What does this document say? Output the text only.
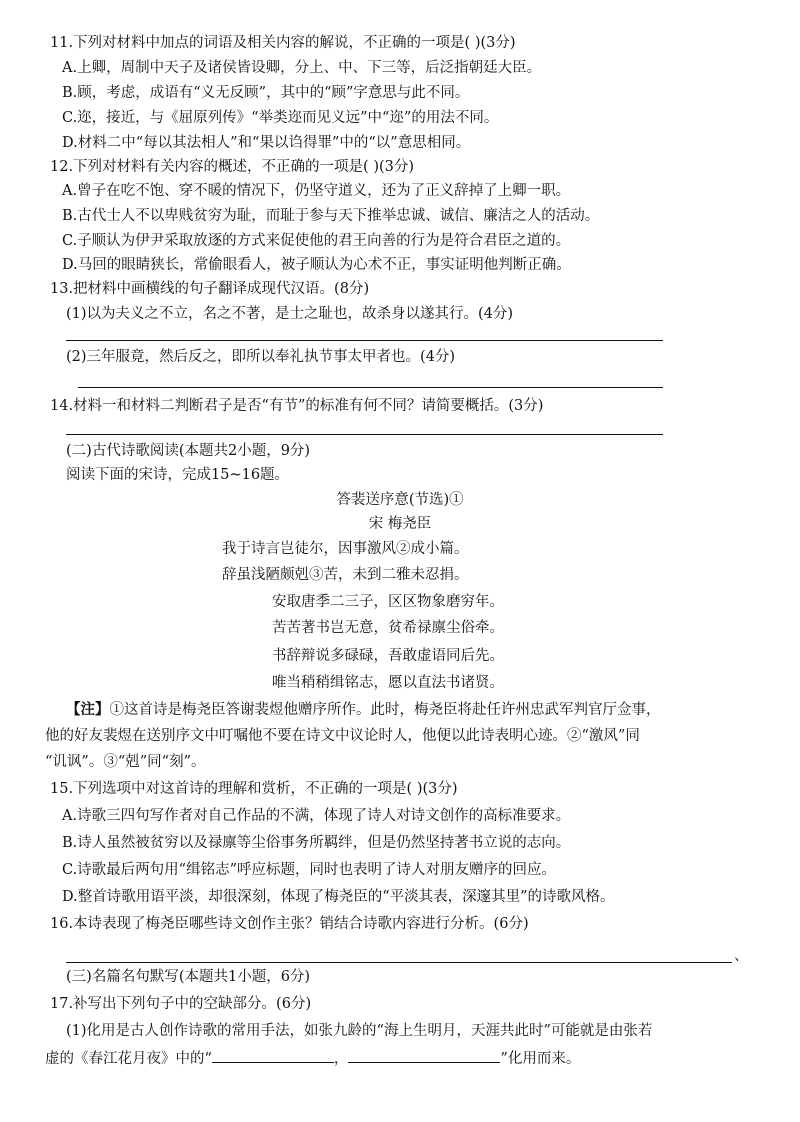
11.下列对材料中加点的词语及相关内容的解说，不正确的一项是( )(3分)
A.上卿，周制中天子及诸侯皆设卿，分上、中、下三等，后泛指朝廷大臣。
B.顾，考虑，成语有“义无反顾”，其中的“顾”字意思与此不同。
C.迩，接近，与《屈原列传》“举类迩而见义远”中“迩”的用法不同。
D.材料二中“每以其法相人”和“果以诌得罪”中的“以”意思相同。
12.下列对材料有关内容的概述，不正确的一项是( )(3分)
A.曾子在吃不饱、穿不暖的情况下，仍坚守道义，还为了正义辞掉了上卿一职。
B.古代士人不以卑贱贫穷为耻，而耻于参与天下推举忠诚、诚信、廉洁之人的活动。
C.子顺认为伊尹采取放逐的方式来促使他的君王向善的行为是符合君臣之道的。
D.马回的眼睛狭长，常偷眼看人，被子顺认为心术不正，事实证明他判断正确。
13.把材料中画横线的句子翻译成现代汉语。(8分)
(1)以为夫义之不立，名之不著，是士之耻也，故杀身以遂其行。(4分)
(2)三年服竟，然后反之，即所以奉礼执节事太甲者也。(4分)
14.材料一和材料二判断君子是否“有节”的标准有何不同？请简要概括。(3分)
(二)古代诗歌阅读(本题共2小题，9分)
阅读下面的宋诗，完成15~16题。
答裴送序意(节选)①
宋 梅尧臣
我于诗言岂徒尔，因事激风②成小篇。
辞虽浅陋颇剋③苦，未到二雅未忍捐。
安取唐季二三子，区区物象磨穷年。
苦苦著书岂无意，贫希禄廪尘俗牵。
书辞辩说多碌碌，吾敢虚语同后先。
唯当稍稍缉铭志，愿以直法书诸贤。
【注】①这首诗是梅尧臣答谢裴煜他赠序所作。此时，梅尧臣将赴任许州忠武军判官厅佥事，
他的好友裴煜在送别序文中叮嘱他不要在诗文中议论时人，他便以此诗表明心迹。②“激风”同
“讥讽”。③“剋”同“刻”。
15.下列选项中对这首诗的理解和赏析，不正确的一项是( )(3分)
A.诗歌三四句写作者对自己作品的不满，体现了诗人对诗文创作的高标准要求。
B.诗人虽然被贫穷以及禄廪等尘俗事务所羁绊，但是仍然坚持著书立说的志向。
C.诗歌最后两句用“缉铭志”呼应标题，同时也表明了诗人对朋友赠序的回应。
D.整首诗歌用语平淡，却很深刻，体现了梅尧臣的“平淡其表，深邃其里”的诗歌风格。
16.本诗表现了梅尧臣哪些诗文创作主张？销结合诗歌内容进行分析。(6分)
、
(三)名篇名句默写(本题共1小题，6分)
17.补写出下列句子中的空缺部分。(6分)
(1)化用是古人创作诗歌的常用手法，如张九龄的“海上生明月，天涯共此时”可能就是由张若
虚的《春江花月夜》中的“	，	”化用而来。
